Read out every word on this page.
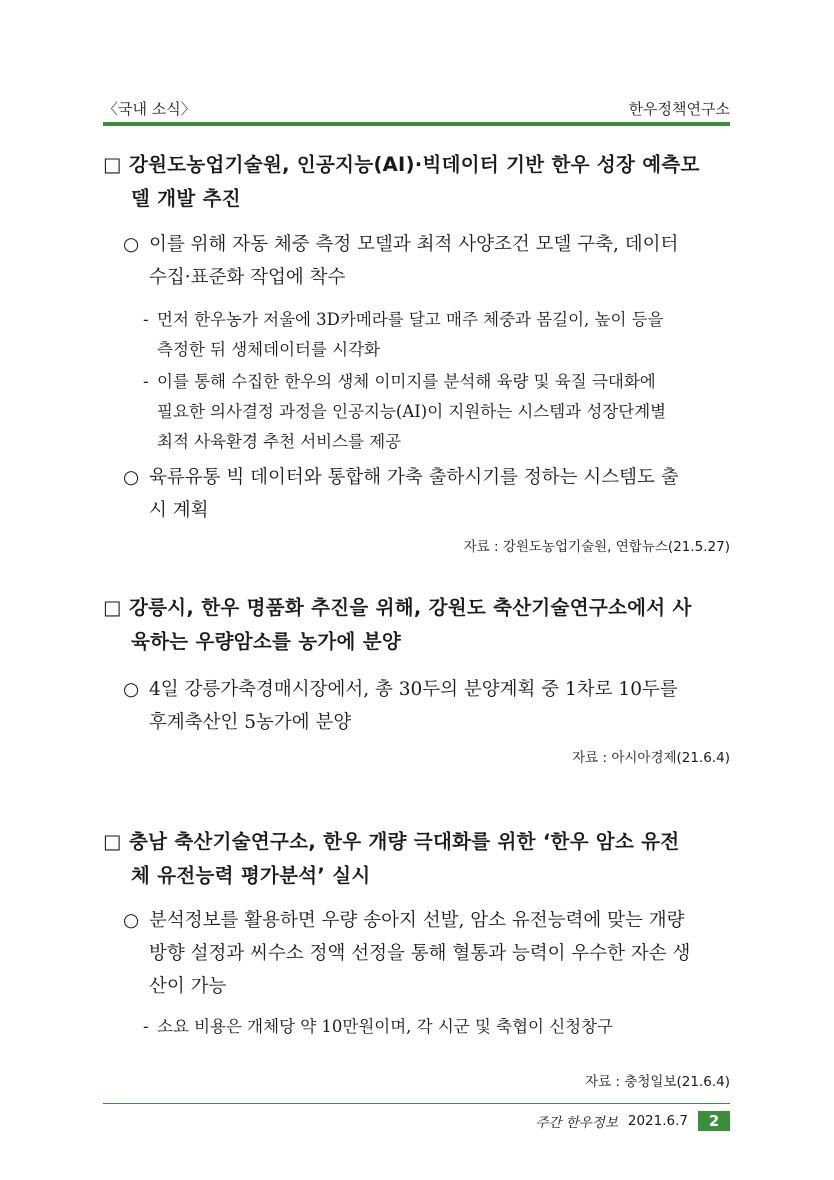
〈국내 소식〉	한우정책연구소
□ 강원도농업기술원, 인공지능(AI)·빅데이터 기반 한우 성장 예측모
델 개발 추진
○ 이를 위해 자동 체중 측정 모델과 최적 사양조건 모델 구축, 데이터
수집·표준화 작업에 착수
- 먼저 한우농가 저울에 3D카메라를 달고 매주 체중과 몸길이, 높이 등을
측정한 뒤 생체데이터를 시각화
- 이를 통해 수집한 한우의 생체 이미지를 분석해 육량 및 육질 극대화에
필요한 의사결정 과정을 인공지능(AI)이 지원하는 시스템과 성장단계별
최적 사육환경 추천 서비스를 제공
○ 육류유통 빅 데이터와 통합해 가축 출하시기를 정하는 시스템도 출
시 계획
자료 : 강원도농업기술원, 연합뉴스(21.5.27)
□ 강릉시, 한우 명품화 추진을 위해, 강원도 축산기술연구소에서 사
육하는 우량암소를 농가에 분양
○ 4일 강릉가축경매시장에서, 총 30두의 분양계획 중 1차로 10두를
후계축산인 5농가에 분양
자료 : 아시아경제(21.6.4)
□ 충남 축산기술연구소, 한우 개량 극대화를 위한 ‘한우 암소 유전
체 유전능력 평가분석’ 실시
○ 분석정보를 활용하면 우량 송아지 선발, 암소 유전능력에 맞는 개량
방향 설정과 씨수소 정액 선정을 통해 혈통과 능력이 우수한 자손 생
산이 가능
- 소요 비용은 개체당 약 10만원이며, 각 시군 및 축협이 신청창구
자료 : 충청일보(21.6.4)
주간 한우정보 2021.6.7	2
